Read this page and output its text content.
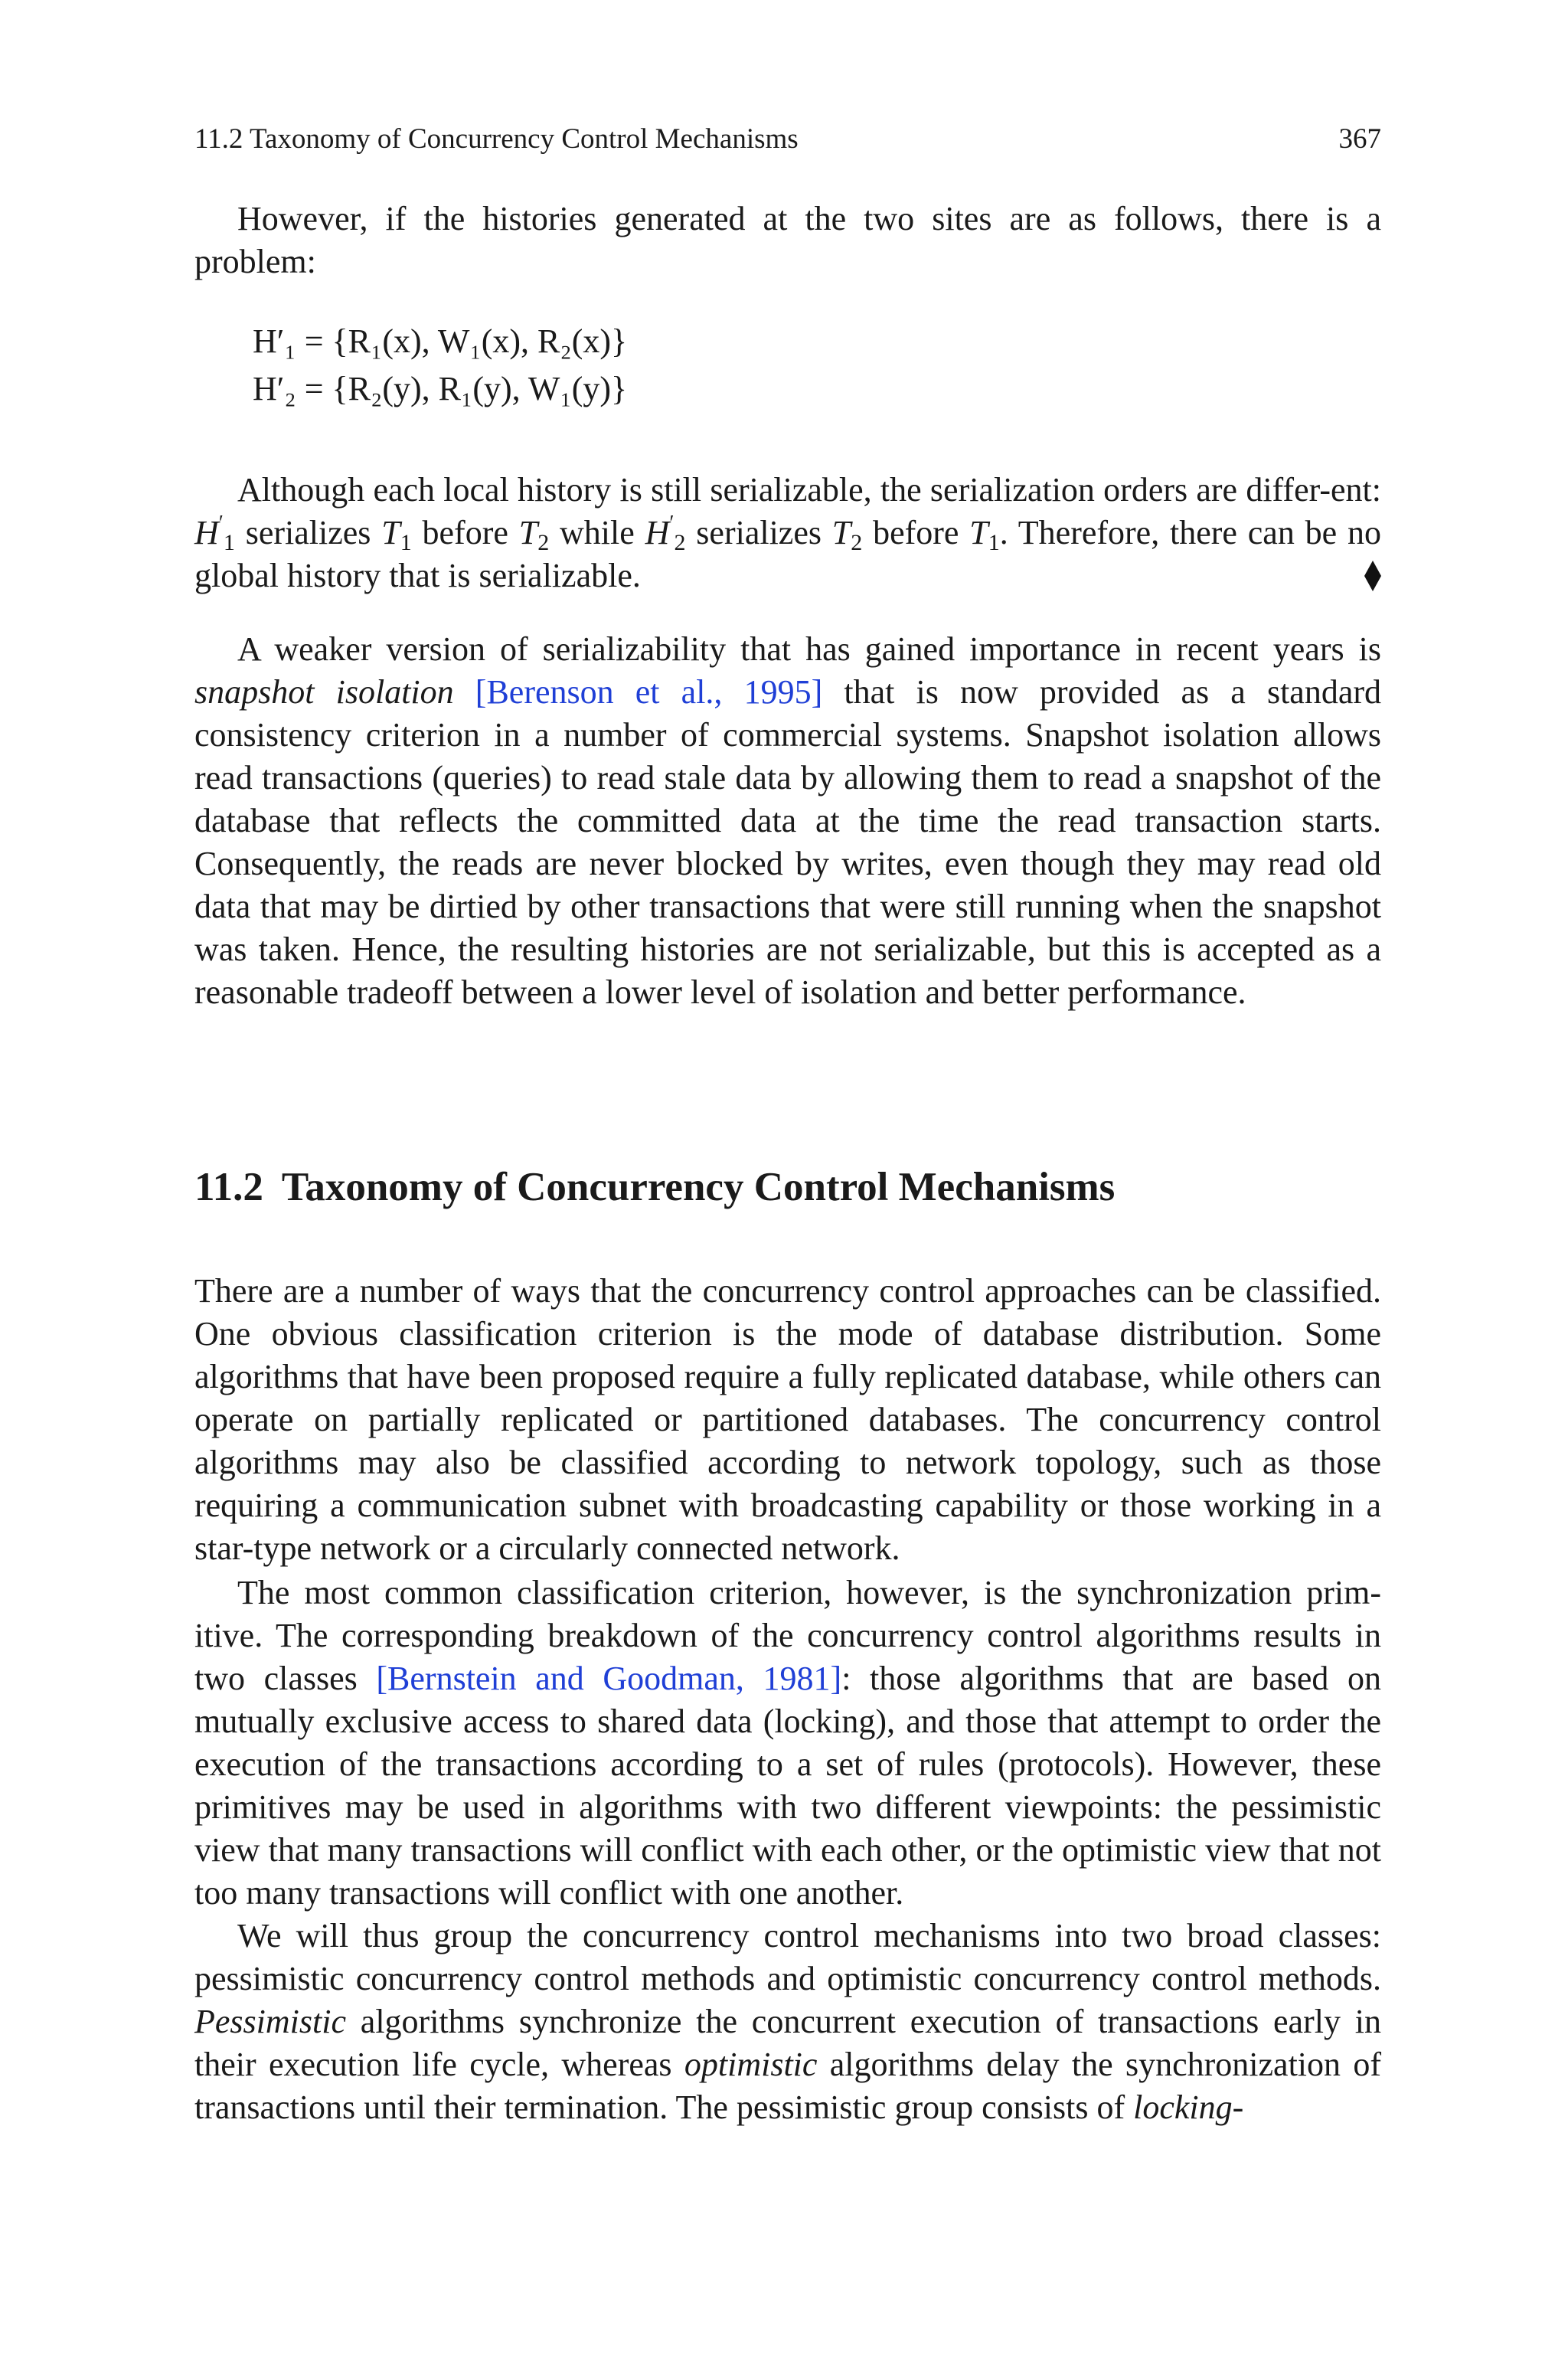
11.2 Taxonomy of Concurrency Control Mechanisms	367

However, if the histories generated at the two sites are as follows, there is a problem:

H′₁ = {R₁(x), W₁(x), R₂(x)}
H′₂ = {R₂(y), R₁(y), W₁(y)}

Although each local history is still serializable, the serialization orders are differ-ent: $H'_1$ serializes $T_1$ before $T_2$ while $H'_2$ serializes $T_2$ before $T_1$. Therefore, there can be no global history that is serializable.

A weaker version of serializability that has gained importance in recent years is snapshot isolation [Berenson et al., 1995] that is now provided as a standard consistency criterion in a number of commercial systems. Snapshot isolation allows read transactions (queries) to read stale data by allowing them to read a snapshot of the database that reflects the committed data at the time the read transaction starts. Consequently, the reads are never blocked by writes, even though they may read old data that may be dirtied by other transactions that were still running when the snapshot was taken. Hence, the resulting histories are not serializable, but this is accepted as a reasonable tradeoff between a lower level of isolation and better performance.

11.2 Taxonomy of Concurrency Control Mechanisms

There are a number of ways that the concurrency control approaches can be classified. One obvious classification criterion is the mode of database distribution. Some algorithms that have been proposed require a fully replicated database, while others can operate on partially replicated or partitioned databases. The concurrency control algorithms may also be classified according to network topology, such as those requiring a communication subnet with broadcasting capability or those working in a star-type network or a circularly connected network.

The most common classification criterion, however, is the synchronization prim-itive. The corresponding breakdown of the concurrency control algorithms results in two classes [Bernstein and Goodman, 1981]: those algorithms that are based on mutually exclusive access to shared data (locking), and those that attempt to order the execution of the transactions according to a set of rules (protocols). However, these primitives may be used in algorithms with two different viewpoints: the pessimistic view that many transactions will conflict with each other, or the optimistic view that not too many transactions will conflict with one another.

We will thus group the concurrency control mechanisms into two broad classes: pessimistic concurrency control methods and optimistic concurrency control methods. Pessimistic algorithms synchronize the concurrent execution of transactions early in their execution life cycle, whereas optimistic algorithms delay the synchronization of transactions until their termination. The pessimistic group consists of locking-
